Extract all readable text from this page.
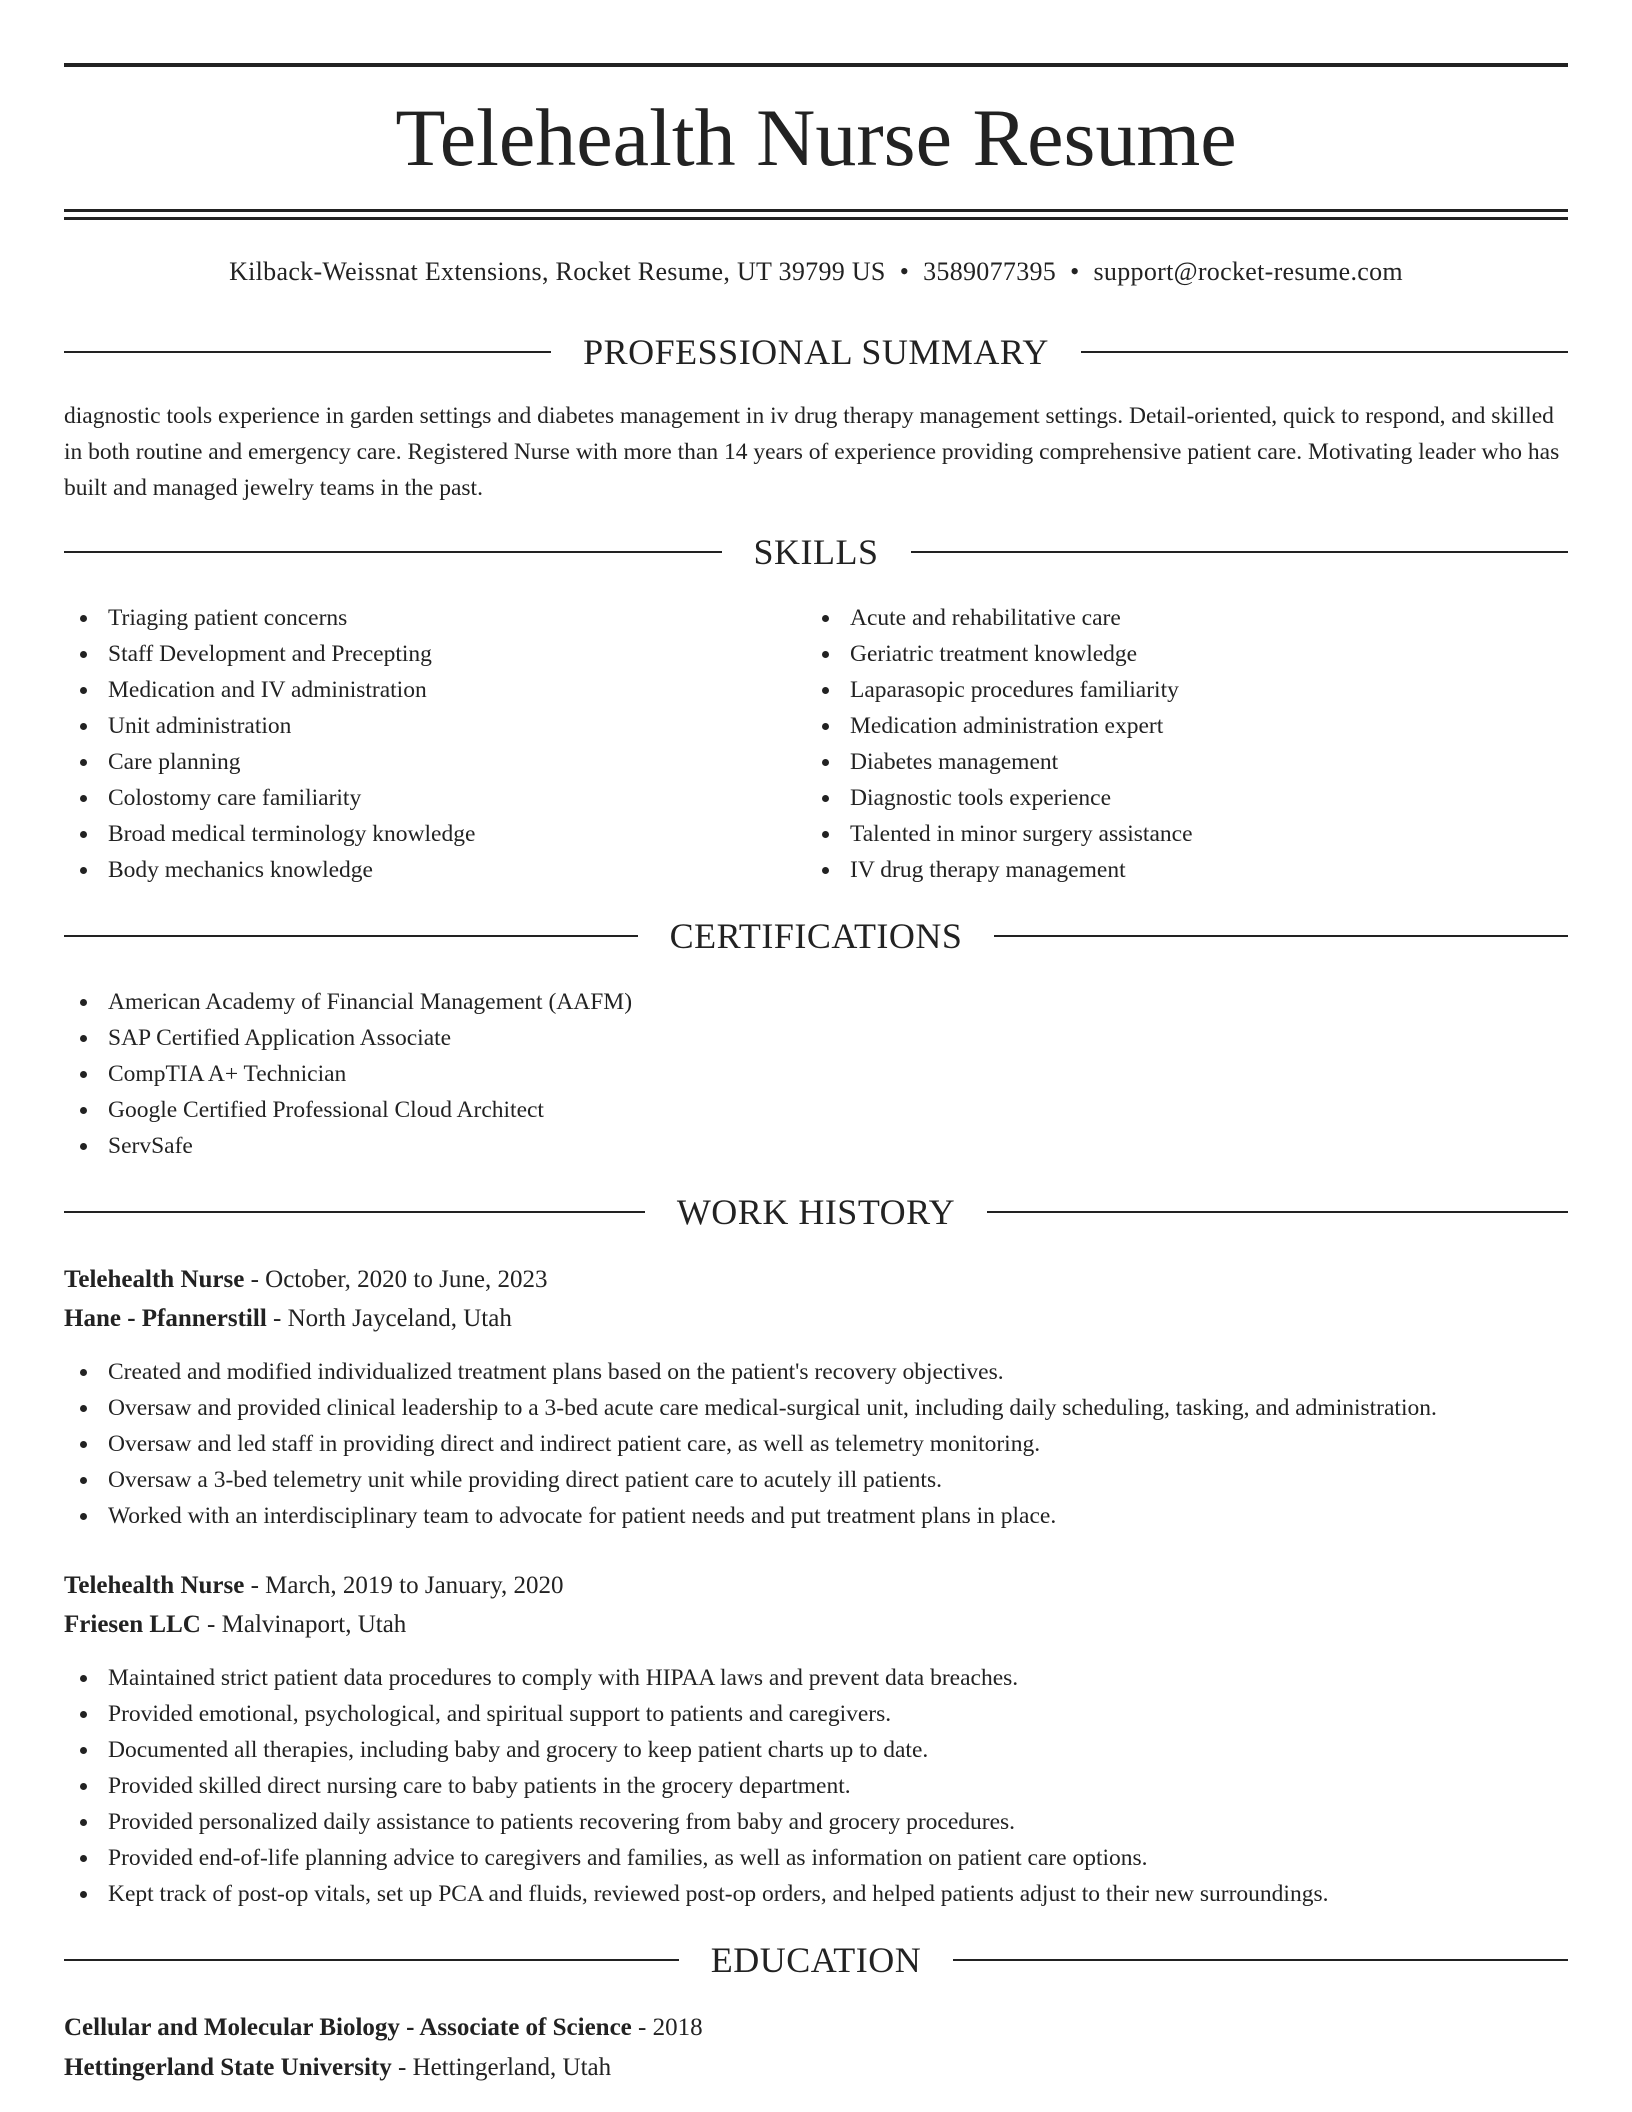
Telehealth Nurse Resume
Kilback-Weissnat Extensions, Rocket Resume, UT 39799 US • 3589077395 • support@rocket-resume.com
PROFESSIONAL SUMMARY

diagnostic tools experience in garden settings and diabetes management in iv drug therapy management settings. Detail-oriented, quick to respond, and skilled in both routine and emergency care. Registered Nurse with more than 14 years of experience providing comprehensive patient care. Motivating leader who has built and managed jewelry teams in the past.

SKILLS
Triaging patient concerns
Staff Development and Precepting
Medication and IV administration
Unit administration
Care planning
Colostomy care familiarity
Broad medical terminology knowledge
Body mechanics knowledge
Acute and rehabilitative care
Geriatric treatment knowledge
Laparasopic procedures familiarity
Medication administration expert
Diabetes management
Diagnostic tools experience
Talented in minor surgery assistance
IV drug therapy management
CERTIFICATIONS
American Academy of Financial Management (AAFM)
SAP Certified Application Associate
CompTIA A+ Technician
Google Certified Professional Cloud Architect
ServSafe
WORK HISTORY
Telehealth Nurse - October, 2020 to June, 2023
Hane - Pfannerstill - North Jayceland, Utah
Created and modified individualized treatment plans based on the patient's recovery objectives.
Oversaw and provided clinical leadership to a 3-bed acute care medical-surgical unit, including daily scheduling, tasking, and administration.
Oversaw and led staff in providing direct and indirect patient care, as well as telemetry monitoring.
Oversaw a 3-bed telemetry unit while providing direct patient care to acutely ill patients.
Worked with an interdisciplinary team to advocate for patient needs and put treatment plans in place.
Telehealth Nurse - March, 2019 to January, 2020
Friesen LLC - Malvinaport, Utah
Maintained strict patient data procedures to comply with HIPAA laws and prevent data breaches.
Provided emotional, psychological, and spiritual support to patients and caregivers.
Documented all therapies, including baby and grocery to keep patient charts up to date.
Provided skilled direct nursing care to baby patients in the grocery department.
Provided personalized daily assistance to patients recovering from baby and grocery procedures.
Provided end-of-life planning advice to caregivers and families, as well as information on patient care options.
Kept track of post-op vitals, set up PCA and fluids, reviewed post-op orders, and helped patients adjust to their new surroundings.
EDUCATION
Cellular and Molecular Biology - Associate of Science - 2018
Hettingerland State University - Hettingerland, Utah
